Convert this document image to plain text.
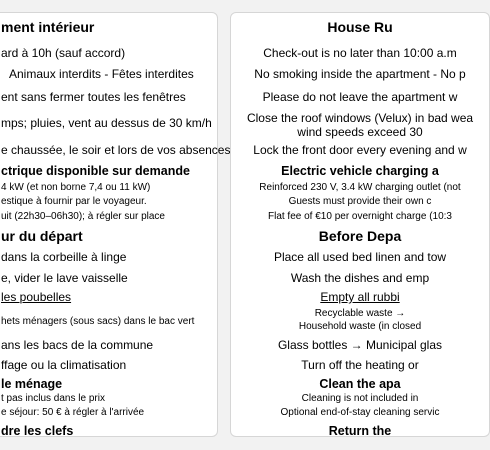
ment intérieur
ard à 10h (sauf accord)
Animaux interdits - Fêtes interdites
ent sans fermer toutes les fenêtres
mps; pluies, vent au dessus de 30 km/h
e chaussée, le soir et lors de vos absences
ctrique disponible sur demande
4 kW (et non borne 7,4 ou 11 kW)
estique à fournir par le voyageur.
uit (22h30–06h30); à régler sur place
ur du départ
dans la corbeille à linge
e, vider le lave vaisselle
les poubelles
hets ménagers (sous sacs) dans le bac vert
ans les bacs de la commune
ffage ou la climatisation
le ménage
t pas inclus dans le prix
e séjour: 50 € à régler à l'arrivée
dre les clefs
House Ru
Check-out is no later than 10:00 a.m
No smoking inside the apartment - No p
Please do not leave the apartment w
Close the roof windows (Velux) in bad wea
wind speeds exceed 30
Lock the front door every evening and w
Electric vehicle charging a
Reinforced 230 V, 3.4 kW charging outlet (not
Guests must provide their own c
Flat fee of €10 per overnight charge (10:3
Before Depa
Place all used bed linen and tow
Wash the dishes and emp
Empty all rubbi
Recyclable waste →
Household waste (in closed
Glass bottles → Municipal glas
Turn off the heating or
Clean the apa
Cleaning is not included in
Optional end-of-stay cleaning servic
Return the
